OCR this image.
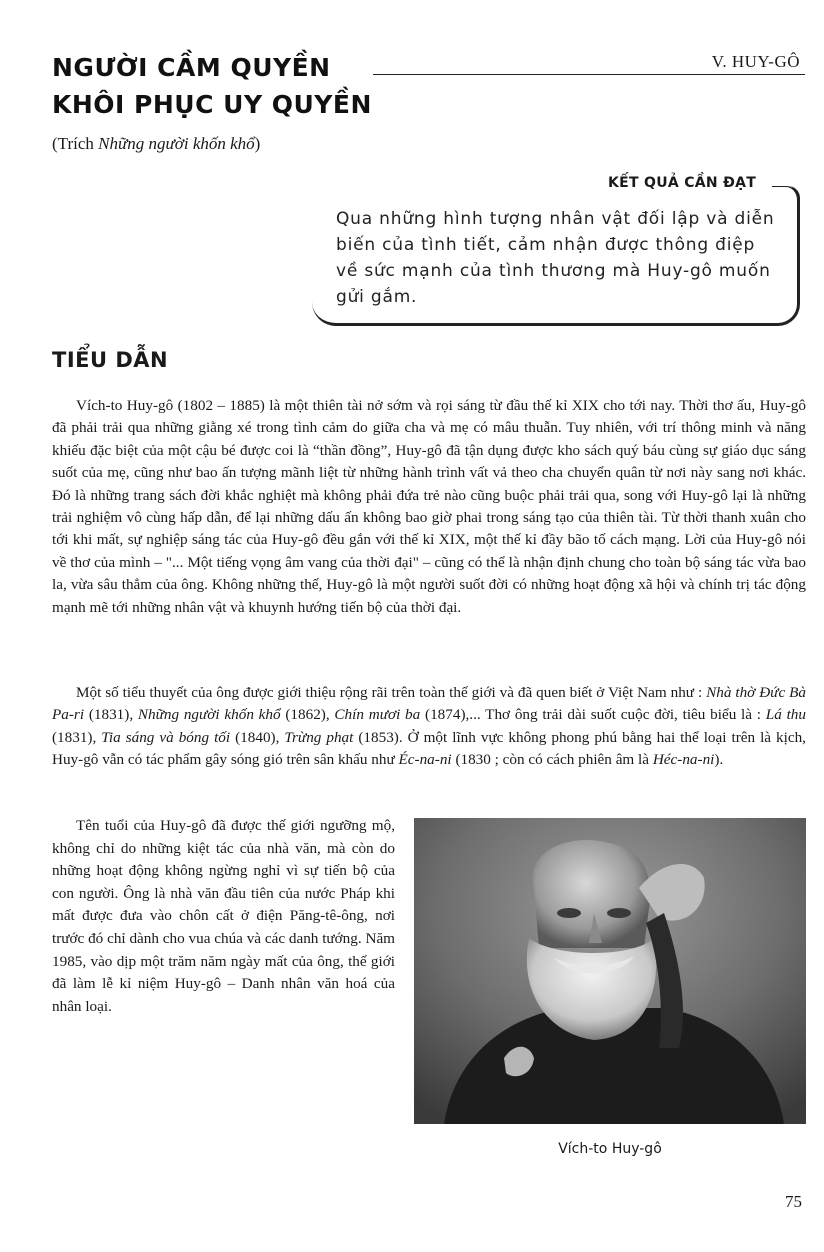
NGƯỜI CẦM QUYỀN	V. HUY-GÔ
KHÔI PHỤC UY QUYỀN
(Trích Những người khốn khổ)
KẾT QUẢ CẦN ĐẠT
Qua những hình tượng nhân vật đối lập và diễn biến của tình tiết, cảm nhận được thông điệp về sức mạnh của tình thương mà Huy-gô muốn gửi gắm.
TIỂU DẪN

Vích-to Huy-gô (1802 – 1885) là một thiên tài nở sớm và rọi sáng từ đầu thế kỉ XIX cho tới nay. Thời thơ ấu, Huy-gô đã phải trải qua những giằng xé trong tình cảm do giữa cha và mẹ có mâu thuẫn. Tuy nhiên, với trí thông minh và năng khiếu đặc biệt của một cậu bé được coi là “thần đồng”, Huy-gô đã tận dụng được kho sách quý báu cùng sự giáo dục sáng suốt của mẹ, cũng như bao ấn tượng mãnh liệt từ những hành trình vất vả theo cha chuyển quân từ nơi này sang nơi khác. Đó là những trang sách đời khắc nghiệt mà không phải đứa trẻ nào cũng buộc phải trải qua, song với Huy-gô lại là những trải nghiệm vô cùng hấp dẫn, để lại những dấu ấn không bao giờ phai trong sáng tạo của thiên tài. Từ thời thanh xuân cho tới khi mất, sự nghiệp sáng tác của Huy-gô đều gắn với thế kỉ XIX, một thế kỉ đầy bão tố cách mạng. Lời của Huy-gô nói về thơ của mình – "... Một tiếng vọng âm vang của thời đại" – cũng có thể là nhận định chung cho toàn bộ sáng tác vừa bao la, vừa sâu thẳm của ông. Không những thế, Huy-gô là một người suốt đời có những hoạt động xã hội và chính trị tác động mạnh mẽ tới những nhân vật và khuynh hướng tiến bộ của thời đại.

Một số tiểu thuyết của ông được giới thiệu rộng rãi trên toàn thế giới và đã quen biết ở Việt Nam như : Nhà thờ Đức Bà Pa-ri (1831), Những người khốn khổ (1862), Chín mươi ba (1874),... Thơ ông trải dài suốt cuộc đời, tiêu biểu là : Lá thu (1831), Tia sáng và bóng tối (1840), Trừng phạt (1853). Ở một lĩnh vực không phong phú bằng hai thể loại trên là kịch, Huy-gô vẫn có tác phẩm gây sóng gió trên sân khấu như Éc-na-ni (1830 ; còn có cách phiên âm là Héc-na-ni).

Tên tuổi của Huy-gô đã được thế giới ngưỡng mộ, không chỉ do những kiệt tác của nhà văn, mà còn do những hoạt động không ngừng nghỉ vì sự tiến bộ của con người. Ông là nhà văn đầu tiên của nước Pháp khi mất được đưa vào chôn cất ở điện Păng-tê-ông, nơi trước đó chỉ dành cho vua chúa và các danh tướng. Năm 1985, vào dịp một trăm năm ngày mất của ông, thế giới đã làm lễ kỉ niệm Huy-gô – Danh nhân văn hoá của nhân loại.

Vích-to Huy-gô
75
